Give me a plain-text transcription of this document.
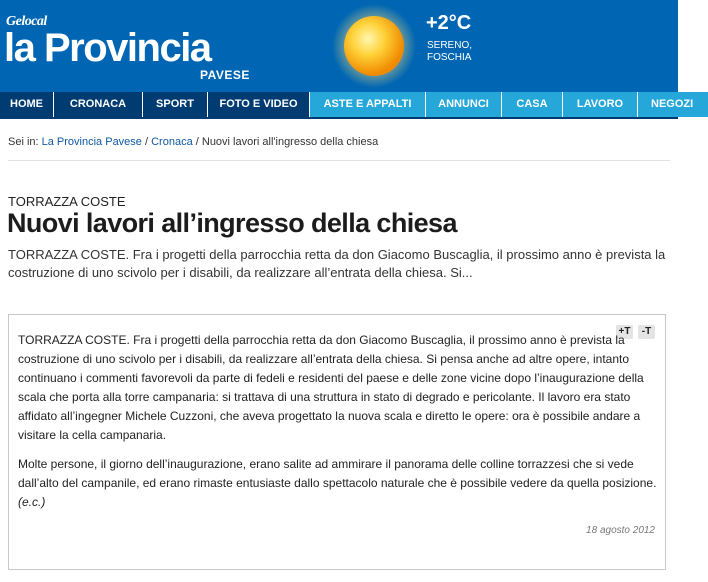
Gelocal
la Provincia
PAVESE
+2°C
SERENO,
FOSCHIA
HOME	CRONACA	SPORT	FOTO E VIDEO	ASTE E APPALTI	ANNUNCI	CASA	LAVORO	NEGOZI
Sei in: La Provincia Pavese / Cronaca / Nuovi lavori all'ingresso della chiesa
TORRAZZA COSTE
Nuovi lavori all’ingresso della chiesa
TORRAZZA COSTE. Fra i progetti della parrocchia retta da don Giacomo Buscaglia, il prossimo anno è prevista la costruzione di uno scivolo per i disabili, da realizzare all’entrata della chiesa. Si...
+T	-T
TORRAZZA COSTE. Fra i progetti della parrocchia retta da don Giacomo Buscaglia, il prossimo anno è prevista la costruzione di uno scivolo per i disabili, da realizzare all’entrata della chiesa. Si pensa anche ad altre opere, intanto continuano i commenti favorevoli da parte di fedeli e residenti del paese e delle zone vicine dopo l’inaugurazione della scala che porta alla torre campanaria: si trattava di una struttura in stato di degrado e pericolante. Il lavoro era stato affidato all’ingegner Michele Cuzzoni, che aveva progettato la nuova scala e diretto le opere: ora è possibile andare a visitare la cella campanaria.
Molte persone, il giorno dell’inaugurazione, erano salite ad ammirare il panorama delle colline torrazzesi che si vede dall’alto del campanile, ed erano rimaste entusiaste dallo spettacolo naturale che è possibile vedere da quella posizione. (e.c.)
18 agosto 2012
